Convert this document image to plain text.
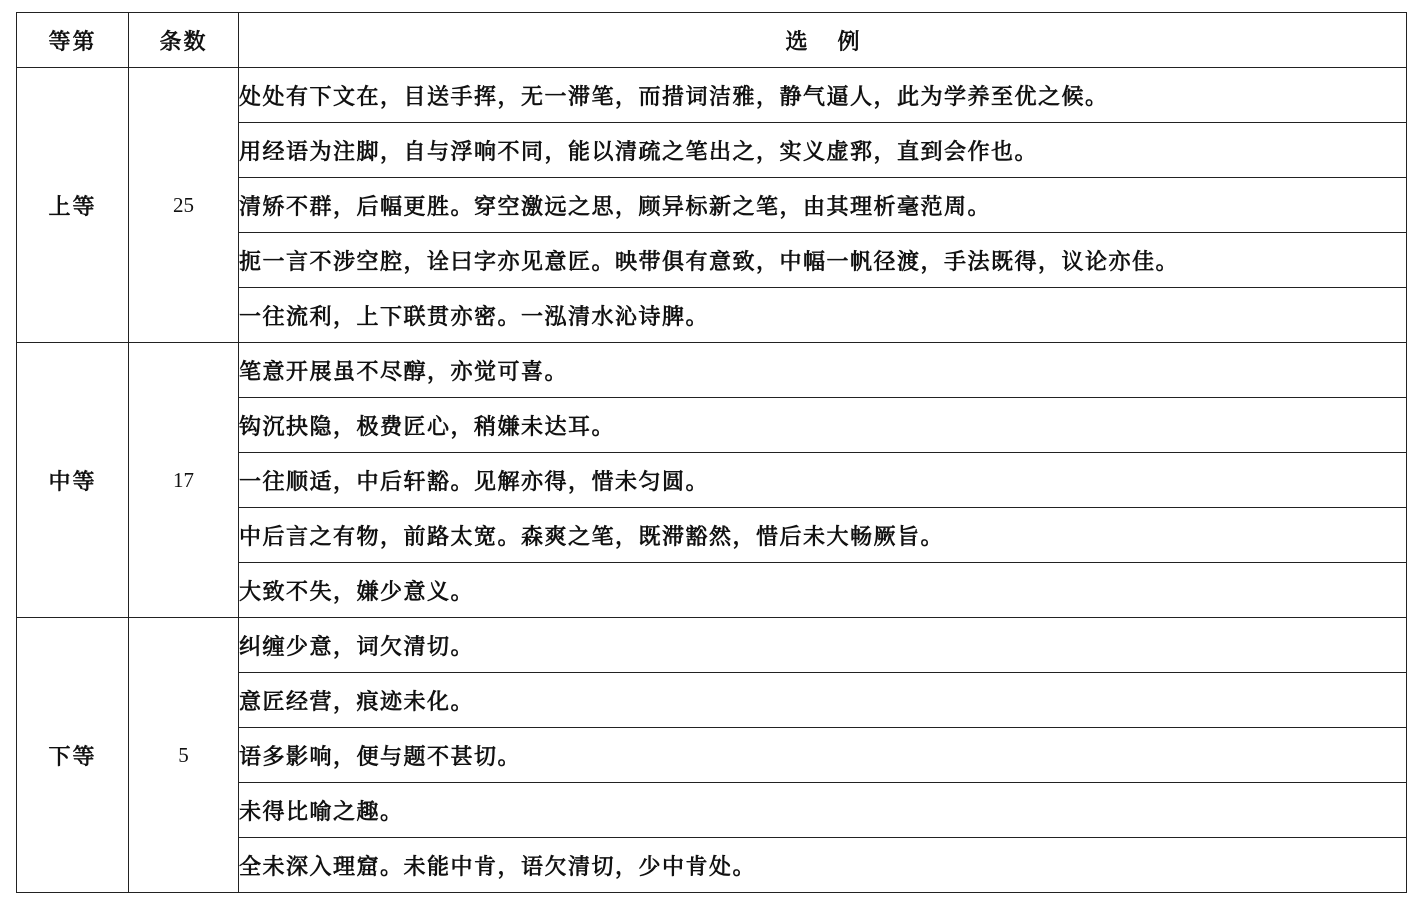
等第	条数	选例
上等	25	处处有下文在，目送手挥，无一滞笔，而措词洁雅，静气逼人，此为学养至优之候。
		用经语为注脚，自与浮响不同，能以清疏之笔出之，实义虚郛，直到会作也。
		清矫不群，后幅更胜。穿空激远之思，顾异标新之笔，由其理析毫范周。
		扼一言不涉空腔，诠曰字亦见意匠。映带俱有意致，中幅一帆径渡，手法既得，议论亦佳。
		一往流利，上下联贯亦密。一泓清水沁诗脾。
中等	17	笔意开展虽不尽醇，亦觉可喜。
		钩沉抉隐，极费匠心，稍嫌未达耳。
		一往顺适，中后轩豁。见解亦得，惜未匀圆。
		中后言之有物，前路太宽。森爽之笔，既滞豁然，惜后未大畅厥旨。
		大致不失，嫌少意义。
下等	5	纠缠少意，词欠清切。
		意匠经营，痕迹未化。
		语多影响，便与题不甚切。
		未得比喻之趣。
		全未深入理窟。未能中肯，语欠清切，少中肯处。
